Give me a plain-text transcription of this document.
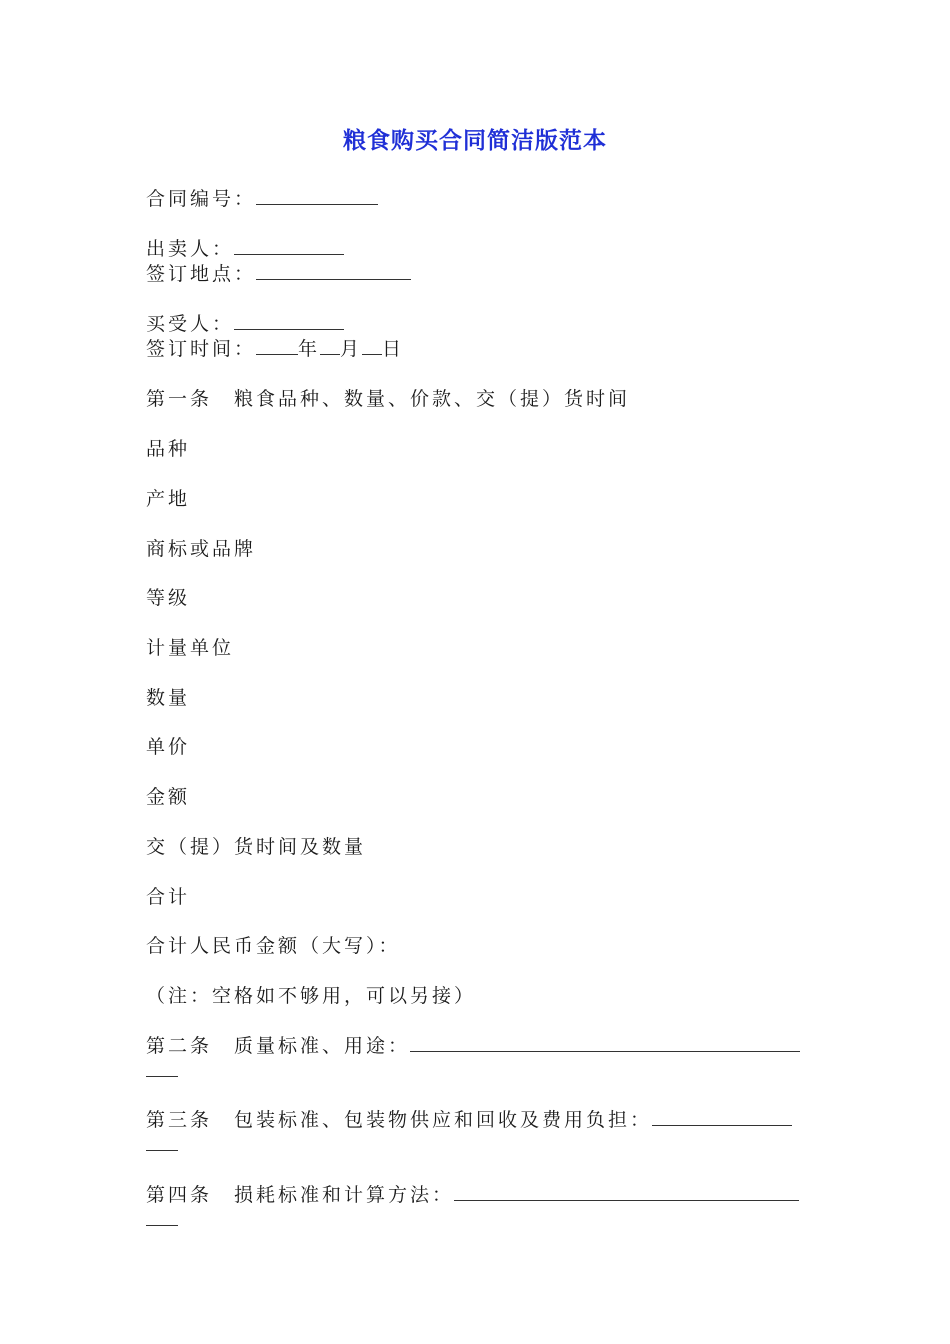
粮食购买合同简洁版范本
合同编号：
出卖人：
签订地点：
买受人：
签订时间： 年 月 日
第一条 粮食品种、数量、价款、交（提）货时间
品种
产地
商标或品牌
等级
计量单位
数量
单价
金额
交（提）货时间及数量
合计
合计人民币金额（大写）：
（注：空格如不够用，可以另接）
第二条 质量标准、用途：
第三条 包装标准、包装物供应和回收及费用负担：
第四条 损耗标准和计算方法：
